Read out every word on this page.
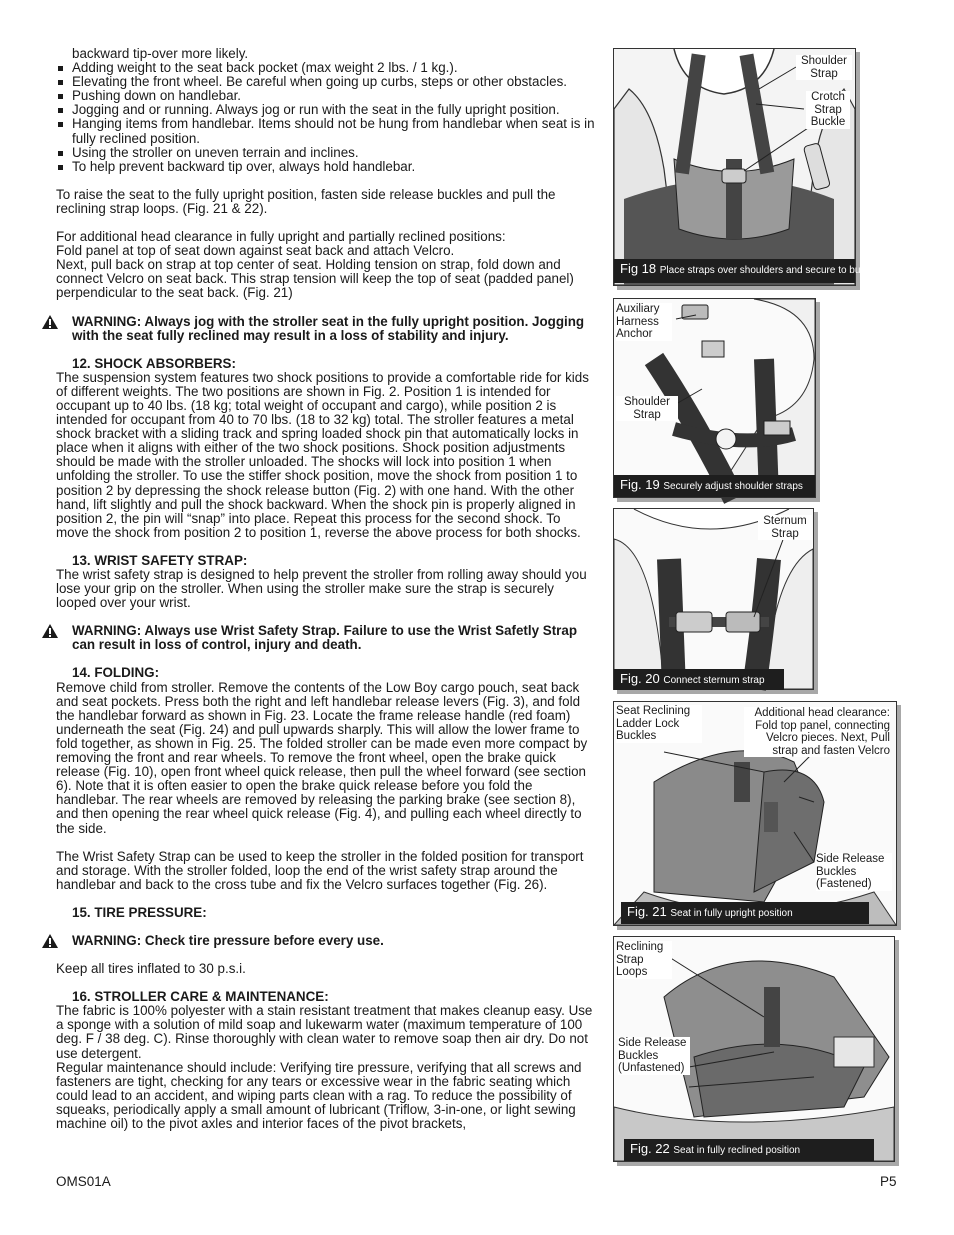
backward tip-over more likely.

Adding weight to the seat back pocket (max weight 2 lbs. / 1 kg.).
Elevating the front wheel. Be careful when going up curbs, steps or other obstacles.
Pushing down on handlebar.
Jogging and or running. Always jog or run with the seat in the fully upright position.
Hanging items from handlebar. Items should not be hung from handlebar when seat is in fully reclined position.
Using the stroller on uneven terrain and inclines.
To help prevent backward tip over, always hold handlebar.

To raise the seat to the fully upright position, fasten side release buckles and pull the reclining strap loops. (Fig. 21 & 22).

For additional head clearance in fully upright and partially reclined positions:

Fold panel at top of seat down against seat back and attach Velcro.

Next, pull back on strap at top center of seat. Holding tension on strap, fold down and connect Velcro on seat back. This strap tension will keep the top of seat (padded panel) perpendicular to the seat back. (Fig. 21)

WARNING: Always jog with the stroller seat in the fully upright position. Jogging with the seat fully reclined may result in a loss of stability and injury.

12. SHOCK ABSORBERS:

The suspension system features two shock positions to provide a comfortable ride for kids of different weights. The two positions are shown in Fig. 2. Position 1 is intended for occupant up to 40 lbs. (18 kg; total weight of occupant and cargo), while position 2 is intended for occupant from 40 to 70 lbs. (18 to 32 kg) total. The stroller features a metal shock bracket with a sliding track and spring loaded shock pin that automatically locks in place when it aligns with either of the two shock positions. Shock position adjustments should be made with the stroller unloaded. The shocks will lock into position 1 when unfolding the stroller. To use the stiffer shock position, move the shock from position 1 to position 2 by depressing the shock release button (Fig. 2) with one hand. With the other hand, lift slightly and pull the shock backward. When the shock pin is properly aligned in position 2, the pin will “snap” into place. Repeat this process for the second shock. To move the shock from position 2 to position 1, reverse the above process for both shocks.

13. WRIST SAFETY STRAP:

The wrist safety strap is designed to help prevent the stroller from rolling away should you lose your grip on the stroller. When using the stroller make sure the strap is securely looped over your wrist.

WARNING: Always use Wrist Safety Strap. Failure to use the Wrist Safetly Strap can result in loss of control, injury and death.

14. FOLDING:

Remove child from stroller. Remove the contents of the Low Boy cargo pouch, seat back and seat pockets. Press both the right and left handlebar release levers (Fig. 3), and fold the handlebar forward as shown in Fig. 23. Locate the frame release handle (red foam) underneath the seat (Fig. 24) and pull upwards sharply. This will allow the lower frame to fold together, as shown in Fig. 25. The folded stroller can be made even more compact by removing the front and rear wheels. To remove the front wheel, open the brake quick release (Fig. 10), open front wheel quick release, then pull the wheel forward (see section 6). Note that it is often easier to open the brake quick release before you fold the handlebar. The rear wheels are removed by releasing the parking brake (see section 8), and then opening the rear wheel quick release (Fig. 4), and pulling each wheel directly to the side.

The Wrist Safety Strap can be used to keep the stroller in the folded position for transport and storage. With the stroller folded, loop the end of the wrist safety strap around the handlebar and back to the cross tube and fix the Velcro surfaces together (Fig. 26).

15. TIRE PRESSURE:

WARNING: Check tire pressure before every use.

Keep all tires inflated to 30 p.s.i.

16. STROLLER CARE & MAINTENANCE:

The fabric is 100% polyester with a stain resistant treatment that makes cleanup easy. Use a sponge with a solution of mild soap and lukewarm water (maximum temperature of 100 deg. F / 38 deg. C). Rinse thoroughly with clean water to remove soap then air dry. Do not use detergent.

Regular maintenance should include: Verifying tire pressure, verifying that all screws and fasteners are tight, checking for any tears or excessive wear in the fabric seating which could lead to an accident, and wiping parts clean with a rag. To reduce the possibility of squeaks, periodically apply a small amount of lubricant (Triflow, 3-in-one, or light sewing machine oil) to the pivot axles and interior faces of the pivot brackets,

Shoulder Strap
Crotch Strap Buckle
Fig 18 Place straps over shoulders and secure to buckle.
Auxiliary Harness Anchor
Shoulder Strap
Fig. 19 Securely adjust shoulder straps
Sternum Strap
Fig. 20 Connect sternum strap
Seat Reclining Ladder Lock Buckles
Additional head clearance: Fold top panel, connecting Velcro pieces. Next, Pull strap and fasten Velcro
Side Release Buckles (Fastened)
Fig. 21 Seat in fully upright position
Reclining Strap Loops
Side Release Buckles (Unfastened)
Fig. 22 Seat in fully reclined position
OMS01A	P5
